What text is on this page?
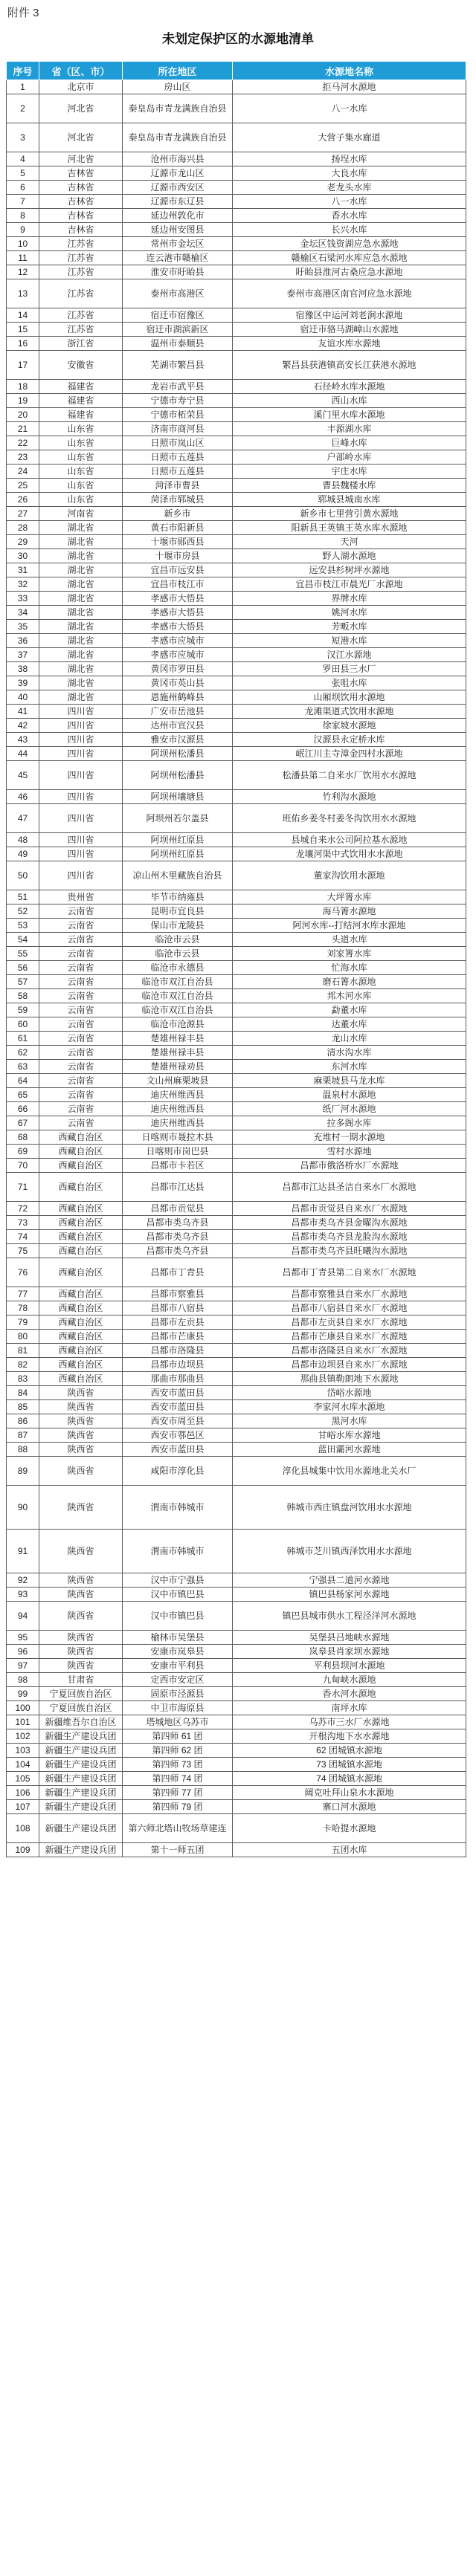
附件 3
未划定保护区的水源地清单
序号	省（区、市）	所在地区	水源地名称
1	北京市	房山区	拒马河水源地
2	河北省	秦皇岛市青龙满族自治县	八一水库
3	河北省	秦皇岛市青龙满族自治县	大营子集水廊道
4	河北省	沧州市海兴县	扬埕水库
5	吉林省	辽源市龙山区	大良水库
6	吉林省	辽源市西安区	老龙头水库
7	吉林省	辽源市东辽县	八一水库
8	吉林省	延边州敦化市	香水水库
9	吉林省	延边州安图县	长兴水库
10	江苏省	常州市金坛区	金坛区钱资湖应急水源地
11	江苏省	连云港市赣榆区	赣榆区石梁河水库应急水源地
12	江苏省	淮安市盱眙县	盱眙县淮河古桑应急水源地
13	江苏省	泰州市高港区	泰州市高港区南官河应急水源地
14	江苏省	宿迁市宿豫区	宿豫区中运河刘老涧水源地
15	江苏省	宿迁市湖滨新区	宿迁市骆马湖嶂山水源地
16	浙江省	温州市泰顺县	友谊水库水源地
17	安徽省	芜湖市繁昌县	繁昌县获港镇高安长江获港水源地
18	福建省	龙岩市武平县	石径岭水库水源地
19	福建省	宁德市寿宁县	西山水库
20	福建省	宁德市柘荣县	溪门里水库水源地
21	山东省	济南市商河县	丰源湖水库
22	山东省	日照市岚山区	巨峰水库
23	山东省	日照市五莲县	户部岭水库
24	山东省	日照市五莲县	宇庄水库
25	山东省	菏泽市曹县	曹县魏楼水库
26	山东省	菏泽市郓城县	郓城县城南水库
27	河南省	新乡市	新乡市七里营引黄水源地
28	湖北省	黄石市阳新县	阳新县王英镇王英水库水源地
29	湖北省	十堰市郧西县	天河
30	湖北省	十堰市房县	野人湖水源地
31	湖北省	宜昌市远安县	远安县杉树坪水源地
32	湖北省	宜昌市枝江市	宜昌市枝江市晨光厂水源地
33	湖北省	孝感市大悟县	界牌水库
34	湖北省	孝感市大悟县	姚河水库
35	湖北省	孝感市大悟县	芳畈水库
36	湖北省	孝感市应城市	短港水库
37	湖北省	孝感市应城市	汉江水源地
38	湖北省	黄冈市罗田县	罗田县三水厂
39	湖北省	黄冈市英山县	张咀水库
40	湖北省	恩施州鹤峰县	山厢坝饮用水源地
41	四川省	广安市岳池县	龙滩渠道式饮用水源地
42	四川省	达州市宣汉县	徐家坡水源地
43	四川省	雅安市汉源县	汉源县永定桥水库
44	四川省	阿坝州松潘县	岷江川主寺漳金四村水源地
45	四川省	阿坝州松潘县	松潘县第二自来水厂饮用水水源地
46	四川省	阿坝州壤塘县	竹利沟水源地
47	四川省	阿坝州若尔盖县	班佑乡姜冬村姜冬沟饮用水水源地
48	四川省	阿坝州红原县	县城自来水公司阿拉基水源地
49	四川省	阿坝州红原县	龙壤河渠中式饮用水水源地
50	四川省	凉山州木里藏族自治县	董家沟饮用水源地
51	贵州省	毕节市纳雍县	大坪箐水库
52	云南省	昆明市宜良县	海马箐水源地
53	云南省	保山市龙陵县	阿河水库--打结河水库水源地
54	云南省	临沧市云县	头道水库
55	云南省	临沧市云县	刘家箐水库
56	云南省	临沧市永德县	忙海水库
57	云南省	临沧市双江自治县	磨石箐水源地
58	云南省	临沧市双江自治县	邦木河水库
59	云南省	临沧市双江自治县	勐董水库
60	云南省	临沧市沧源县	达董水库
61	云南省	楚雄州禄丰县	龙山水库
62	云南省	楚雄州禄丰县	清水沟水库
63	云南省	楚雄州禄劝县	东河水库
64	云南省	文山州麻栗坡县	麻栗坡县马龙水库
65	云南省	迪庆州维西县	温泉村水源地
66	云南省	迪庆州维西县	纸厂河水源地
67	云南省	迪庆州维西县	拉多阁水库
68	西藏自治区	日喀则市聂拉木县	充堆村一期水源地
69	西藏自治区	日喀则市岗巴县	雪村水源地
70	西藏自治区	昌都市卡若区	昌都市俄洛桥水厂水源地
71	西藏自治区	昌都市江达县	昌都市江达县圣洁自来水厂水源地
72	西藏自治区	昌都市贡觉县	昌都市贡觉县自来水厂水源地
73	西藏自治区	昌都市类乌齐县	昌都市类乌齐县金曜沟水源地
74	西藏自治区	昌都市类乌齐县	昌都市类乌齐县龙脸沟水源地
75	西藏自治区	昌都市类乌齐县	昌都市类乌齐县旺曦沟水源地
76	西藏自治区	昌都市丁青县	昌都市丁青县第二自来水厂水源地
77	西藏自治区	昌都市察雅县	昌都市察雅县自来水厂水源地
78	西藏自治区	昌都市八宿县	昌都市八宿县自来水厂水源地
79	西藏自治区	昌都市左贡县	昌都市左贡县自来水厂水源地
80	西藏自治区	昌都市芒康县	昌都市芒康县自来水厂水源地
81	西藏自治区	昌都市洛隆县	昌都市洛隆县自来水厂水源地
82	西藏自治区	昌都市边坝县	昌都市边坝县自来水厂水源地
83	西藏自治区	那曲市那曲县	那曲县镇勒朗地下水源地
84	陕西省	西安市蓝田县	岱峪水源地
85	陕西省	西安市蓝田县	李家河水库水源地
86	陕西省	西安市周至县	黑河水库
87	陕西省	西安市鄠邑区	甘峪水库水源地
88	陕西省	西安市蓝田县	蓝田灞河水源地
89	陕西省	咸阳市淳化县	淳化县城集中饮用水源地北关水厂
90	陕西省	渭南市韩城市	韩城市西庄镇盘河饮用水水源地
91	陕西省	渭南市韩城市	韩城市芝川镇西泽饮用水水源地
92	陕西省	汉中市宁强县	宁强县二道河水源地
93	陕西省	汉中市镇巴县	镇巴县杨家河水源地
94	陕西省	汉中市镇巴县	镇巴县城市供水工程泾洋河水源地
95	陕西省	榆林市吴堡县	吴堡县吕地峡水源地
96	陕西省	安康市岚皋县	岚皋县肖家坝水源地
97	陕西省	安康市平利县	平利县坝河水源地
98	甘肃省	定西市安定区	九甸峡水源地
99	宁夏回族自治区	固原市泾源县	香水河水源地
100	宁夏回族自治区	中卫市海原县	南坪水库
101	新疆维吾尔自治区	塔城地区乌苏市	乌苏市三水厂水源地
102	新疆生产建设兵团	第四师 61 团	开根沟地下水水源地
103	新疆生产建设兵团	第四师 62 团	62 团城镇水源地
104	新疆生产建设兵团	第四师 73 团	73 团城镇水源地
105	新疆生产建设兵团	第四师 74 团	74 团城镇水源地
106	新疆生产建设兵团	第四师 77 团	阔克吐拜山泉水水源地
107	新疆生产建设兵团	第四师 79 团	寨口河水源地
108	新疆生产建设兵团	第六师北塔山牧场草建连	卡哈提水源地
109	新疆生产建设兵团	第十一师五团	五团水库
